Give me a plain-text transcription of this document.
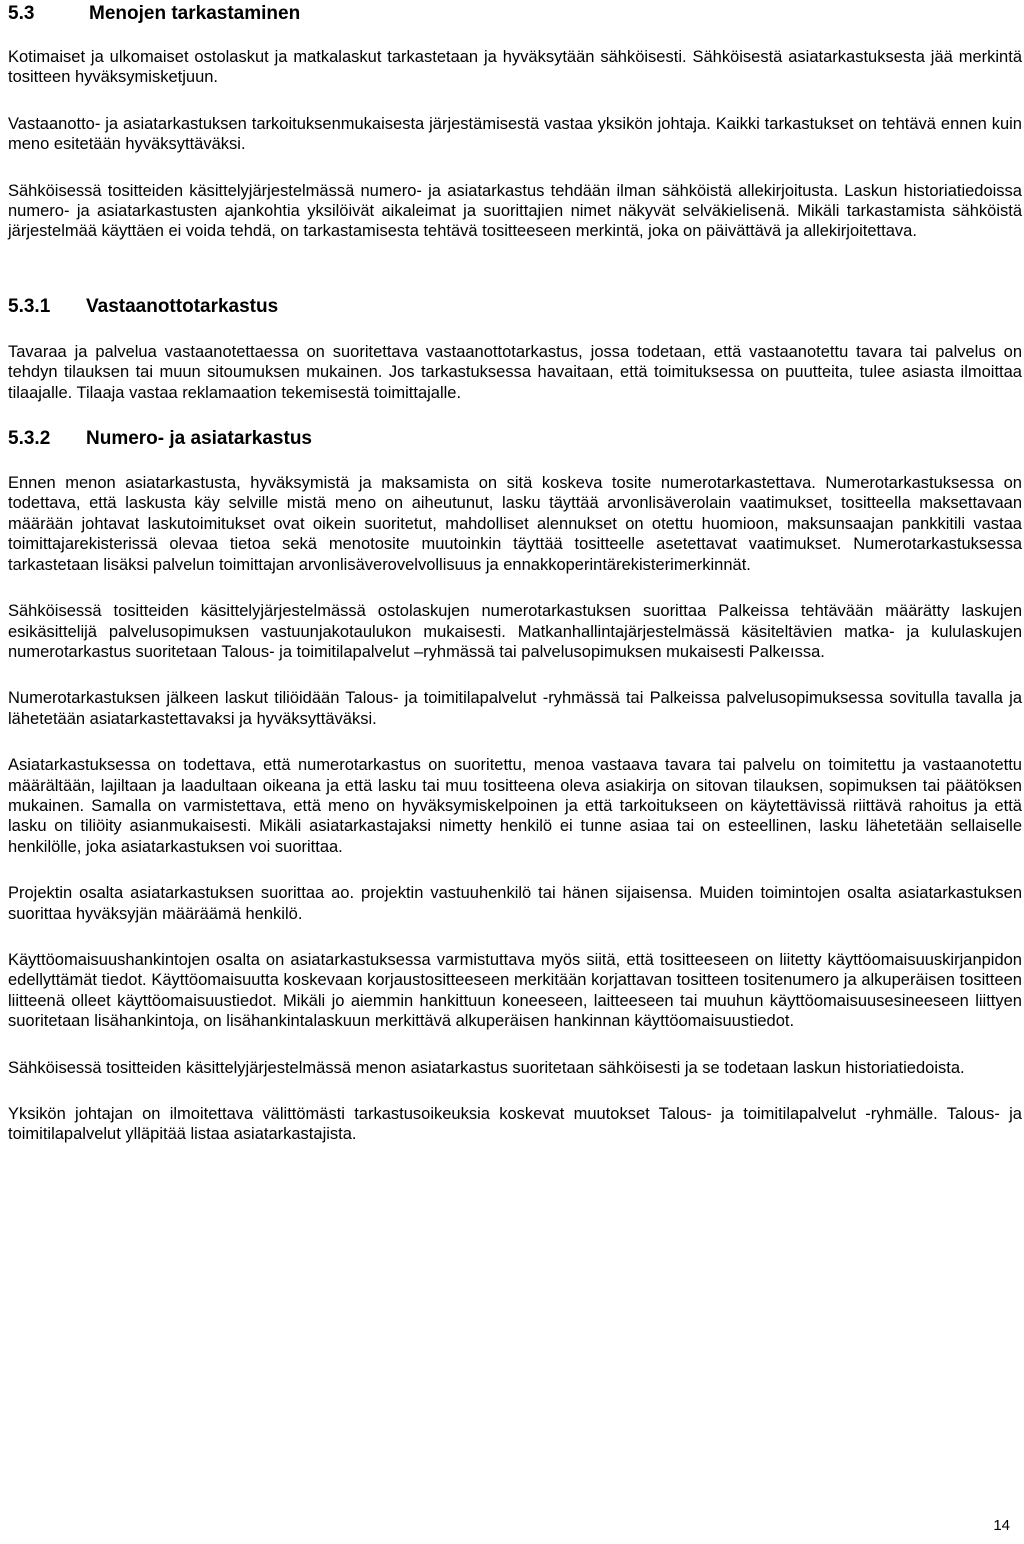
5.3	Menojen tarkastaminen

Kotimaiset ja ulkomaiset ostolaskut ja matkalaskut tarkastetaan ja hyväksytään sähköisesti. Sähköisestä asiatarkastuksesta jää merkintä tositteen hyväksymisketjuun.

Vastaanotto- ja asiatarkastuksen tarkoituksenmukaisesta järjestämisestä vastaa yksikön johtaja. Kaikki tarkastukset on tehtävä ennen kuin meno esitetään hyväksyttäväksi.

Sähköisessä tositteiden käsittelyjärjestelmässä numero- ja asiatarkastus tehdään ilman sähköistä allekirjoitusta. Laskun historiatiedoissa numero- ja asiatarkastusten ajankohtia yksilöivät aikaleimat ja suorittajien nimet näkyvät selväkielisenä. Mikäli tarkastamista sähköistä järjestelmää käyttäen ei voida tehdä, on tarkastamisesta tehtävä tositteeseen merkintä, joka on päivättävä ja allekirjoitettava.

5.3.1	Vastaanottotarkastus

Tavaraa ja palvelua vastaanotettaessa on suoritettava vastaanottotarkastus, jossa todetaan, että vastaanotettu tavara tai palvelus on tehdyn tilauksen tai muun sitoumuksen mukainen. Jos tarkastuksessa havaitaan, että toimituksessa on puutteita, tulee asiasta ilmoittaa tilaajalle. Tilaaja vastaa reklamaation tekemisestä toimittajalle.

5.3.2	Numero- ja asiatarkastus

Ennen menon asiatarkastusta, hyväksymistä ja maksamista on sitä koskeva tosite numerotarkastettava. Numerotarkastuksessa on todettava, että laskusta käy selville mistä meno on aiheutunut, lasku täyttää arvonlisäverolain vaatimukset, tositteella maksettavaan määrään johtavat laskutoimitukset ovat oikein suoritetut, mahdolliset alennukset on otettu huomioon, maksunsaajan pankkitili vastaa toimittajarekisterissä olevaa tietoa sekä menotosite muutoinkin täyttää tositteelle asetettavat vaatimukset. Numerotarkastuksessa tarkastetaan lisäksi palvelun toimittajan arvonlisäverovelvollisuus ja ennakkoperintärekisterimerkinnät.

Sähköisessä tositteiden käsittelyjärjestelmässä ostolaskujen numerotarkastuksen suorittaa Palkeissa tehtävään määrätty laskujen esikäsittelijä palvelusopimuksen vastuunjakotaulukon mukaisesti. Matkanhallintajärjestelmässä käsiteltävien matka- ja kululaskujen numerotarkastus suoritetaan Talous- ja toimitilapalvelut –ryhmässä tai palvelusopimuksen mukaisesti Palkeıssa.

Numerotarkastuksen jälkeen laskut tiliöidään Talous- ja toimitilapalvelut -ryhmässä tai Palkeissa palvelusopimuksessa sovitulla tavalla ja lähetetään asiatarkastettavaksi ja hyväksyttäväksi.

Asiatarkastuksessa on todettava, että numerotarkastus on suoritettu, menoa vastaava tavara tai palvelu on toimitettu ja vastaanotettu määrältään, lajiltaan ja laadultaan oikeana ja että lasku tai muu tositteena oleva asiakirja on sitovan tilauksen, sopimuksen tai päätöksen mukainen. Samalla on varmistettava, että meno on hyväksymiskelpoinen ja että tarkoitukseen on käytettävissä riittävä rahoitus ja että lasku on tiliöity asianmukaisesti. Mikäli asiatarkastajaksi nimetty henkilö ei tunne asiaa tai on esteellinen, lasku lähetetään sellaiselle henkilölle, joka asiatarkastuksen voi suorittaa.

Projektin osalta asiatarkastuksen suorittaa ao. projektin vastuuhenkilö tai hänen sijaisensa. Muiden toimintojen osalta asiatarkastuksen suorittaa hyväksyjän määräämä henkilö.

Käyttöomaisuushankintojen osalta on asiatarkastuksessa varmistuttava myös siitä, että tositteeseen on liitetty käyttöomaisuuskirjanpidon edellyttämät tiedot. Käyttöomaisuutta koskevaan korjaustositteeseen merkitään korjattavan tositteen tositenumero ja alkuperäisen tositteen liitteenä olleet käyttöomaisuustiedot. Mikäli jo aiemmin hankittuun koneeseen, laitteeseen tai muuhun käyttöomaisuusesineeseen liittyen suoritetaan lisähankintoja, on lisähankintalaskuun merkittävä alkuperäisen hankinnan käyttöomaisuustiedot.

Sähköisessä tositteiden käsittelyjärjestelmässä menon asiatarkastus suoritetaan sähköisesti ja se todetaan laskun historiatiedoista.

Yksikön johtajan on ilmoitettava välittömästi tarkastusoikeuksia koskevat muutokset Talous- ja toimitilapalvelut -ryhmälle. Talous- ja toimitilapalvelut ylläpitää listaa asiatarkastajista.

14
